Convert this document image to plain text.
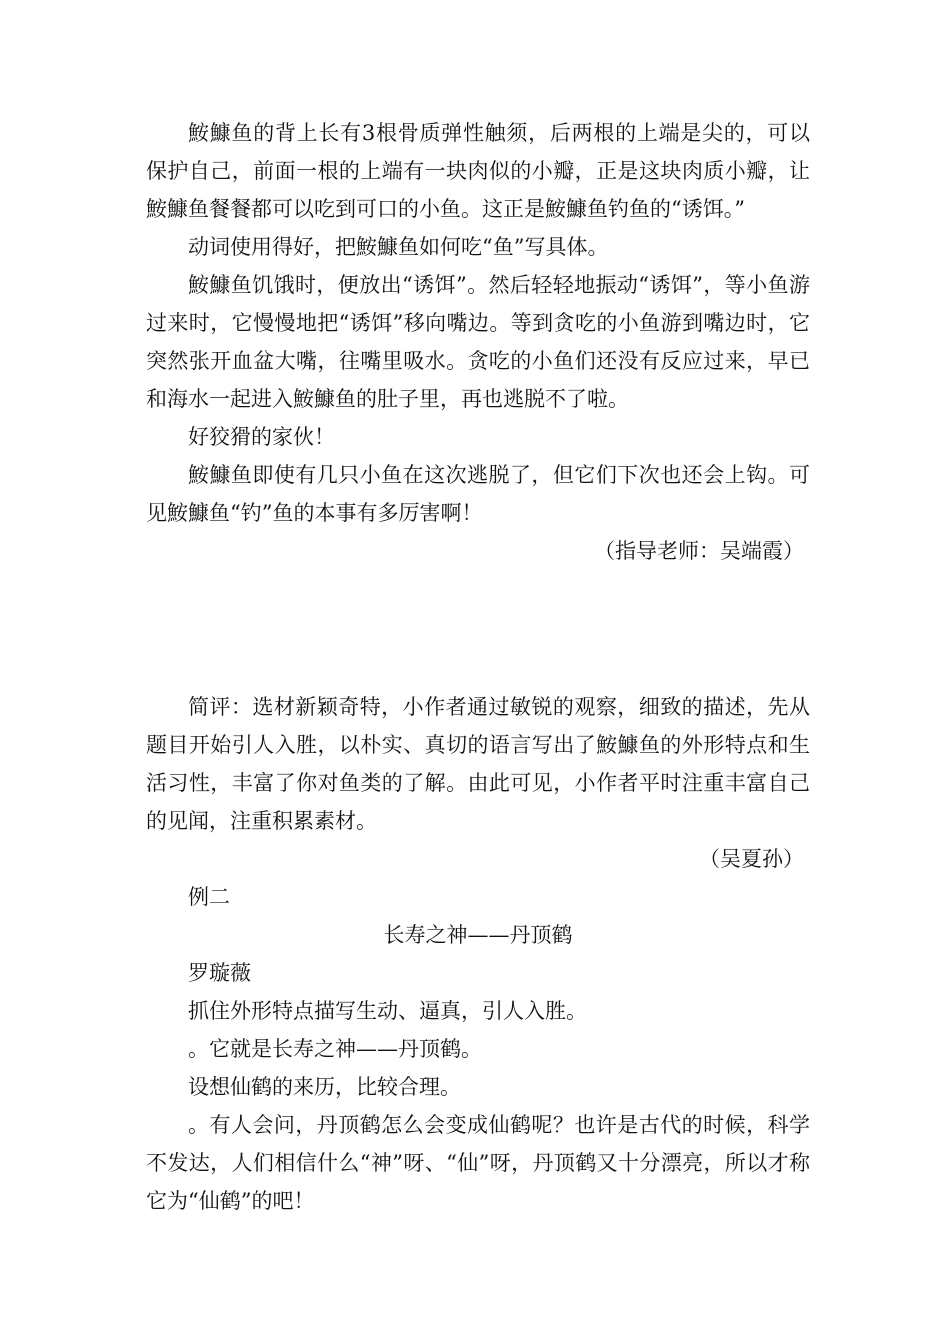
鮟鱇鱼的背上长有3根骨质弹性触须，后两根的上端是尖的，可以保护自己，前面一根的上端有一块肉似的小瓣，正是这块肉质小瓣，让鮟鱇鱼餐餐都可以吃到可口的小鱼。这正是鮟鱇鱼钓鱼的“诱饵。”

动词使用得好，把鮟鱇鱼如何吃“鱼”写具体。

鮟鱇鱼饥饿时，便放出“诱饵”。然后轻轻地振动“诱饵”，等小鱼游过来时，它慢慢地把“诱饵”移向嘴边。等到贪吃的小鱼游到嘴边时，它突然张开血盆大嘴，往嘴里吸水。贪吃的小鱼们还没有反应过来，早已和海水一起进入鮟鱇鱼的肚子里，再也逃脱不了啦。

好狡猾的家伙！

鮟鱇鱼即使有几只小鱼在这次逃脱了，但它们下次也还会上钩。可见鮟鱇鱼“钓”鱼的本事有多厉害啊！

（指导老师：吴端霞）

简评：选材新颖奇特，小作者通过敏锐的观察，细致的描述，先从题目开始引人入胜，以朴实、真切的语言写出了鮟鱇鱼的外形特点和生活习性，丰富了你对鱼类的了解。由此可见，小作者平时注重丰富自己的见闻，注重积累素材。

（吴夏孙）

例二

长寿之神——丹顶鹤

罗璇薇

抓住外形特点描写生动、逼真，引人入胜。

。它就是长寿之神——丹顶鹤。

设想仙鹤的来历，比较合理。

。有人会问，丹顶鹤怎么会变成仙鹤呢？也许是古代的时候，科学不发达，人们相信什么“神”呀、“仙”呀，丹顶鹤又十分漂亮，所以才称它为“仙鹤”的吧！
